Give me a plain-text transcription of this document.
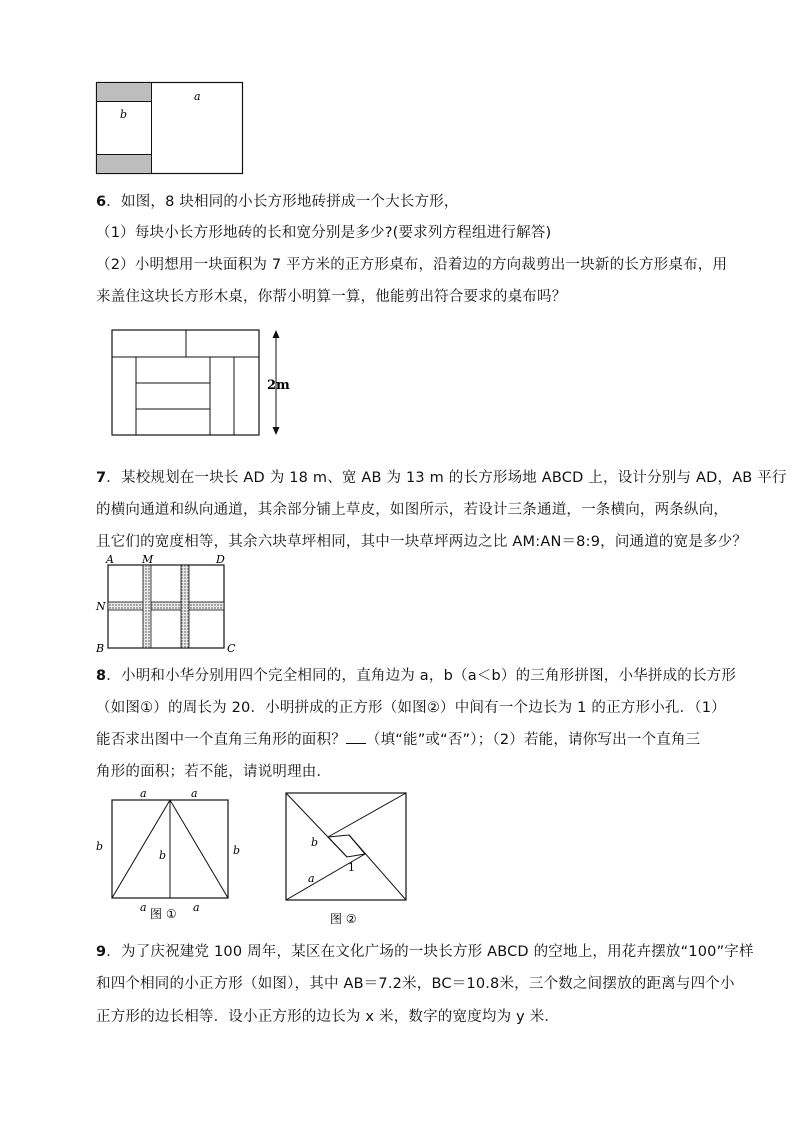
a
b
6．如图，8 块相同的小长方形地砖拼成一个大长方形，
（1）每块小长方形地砖的长和宽分别是多少?(要求列方程组进行解答)
（2）小明想用一块面积为 7 平方米的正方形桌布，沿着边的方向裁剪出一块新的长方形桌布，用
来盖住这块长方形木桌，你帮小明算一算，他能剪出符合要求的桌布吗？
2m
7．某校规划在一块长 AD 为 18 m、宽 AB 为 13 m 的长方形场地 ABCD 上，设计分别与 AD，AB 平行
的横向通道和纵向通道，其余部分铺上草皮，如图所示，若设计三条通道，一条横向，两条纵向，
且它们的宽度相等，其余六块草坪相同，其中一块草坪两边之比 AM:AN＝8:9，问通道的宽是多少？
A	M	D
N
B	C
8．小明和小华分别用四个完全相同的，直角边为 a，b（a＜b）的三角形拼图，小华拼成的长方形
（如图①）的周长为 20．小明拼成的正方形（如图②）中间有一个边长为 1 的正方形小孔．（1）
能否求出图中一个直角三角形的面积？ （填“能”或“否”）；（2）若能，请你写出一个直角三
角形的面积；若不能，请说明理由．
a	a
b
b	b
a	a
图 ①
b
a
1
图 ②
9．为了庆祝建党 100 周年，某区在文化广场的一块长方形 ABCD 的空地上，用花卉摆放“100”字样
和四个相同的小正方形（如图），其中 AB＝7.2米，BC＝10.8米，三个数之间摆放的距离与四个小
正方形的边长相等．设小正方形的边长为 x 米，数字的宽度均为 y 米．
